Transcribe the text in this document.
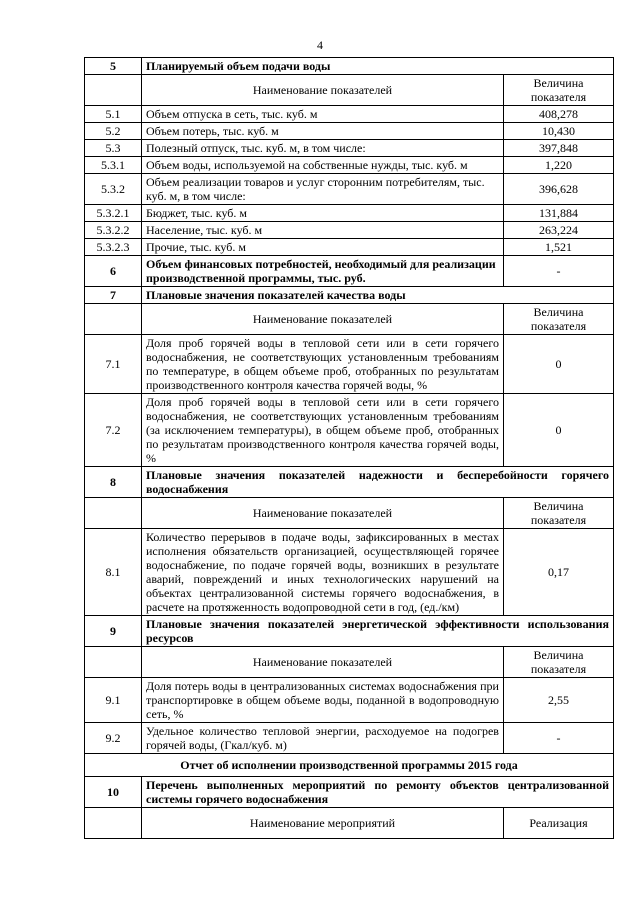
4
5	Планируемый объем подачи воды	
	Наименование показателей	Величина показателя
5.1	Объем отпуска в сеть, тыс. куб. м	408,278
5.2	Объем потерь, тыс. куб. м	10,430
5.3	Полезный отпуск, тыс. куб. м, в том числе:	397,848
5.3.1	Объем воды, используемой на собственные нужды, тыс. куб. м	1,220
5.3.2	Объем реализации товаров и услуг сторонним потребителям, тыс. куб. м, в том числе:	396,628
5.3.2.1	Бюджет, тыс. куб. м	131,884
5.3.2.2	Население, тыс. куб. м	263,224
5.3.2.3	Прочие, тыс. куб. м	1,521
6	Объем финансовых потребностей, необходимый для реализации производственной программы, тыс. руб.	-
7	Плановые значения показателей качества воды	
	Наименование показателей	Величина показателя
7.1	Доля проб горячей воды в тепловой сети или в сети горячего водоснабжения, не соответствующих установленным требованиям по температуре, в общем объеме проб, отобранных по результатам производственного контроля качества горячей воды, %	0
7.2	Доля проб горячей воды в тепловой сети или в сети горячего водоснабжения, не соответствующих установленным требованиям (за исключением температуры), в общем объеме проб, отобранных по результатам производственного контроля качества горячей воды, %	0
8	Плановые значения показателей надежности и бесперебойности горячего водоснабжения	
	Наименование показателей	Величина показателя
8.1	Количество перерывов в подаче воды, зафиксированных в местах исполнения обязательств организацией, осуществляющей горячее водоснабжение, по подаче горячей воды, возникших в результате аварий, повреждений и иных технологических нарушений на объектах централизованной системы горячего водоснабжения, в расчете на протяженность водопроводной сети в год, (ед./км)	0,17
9	Плановые значения показателей энергетической эффективности использования ресурсов	
	Наименование показателей	Величина показателя
9.1	Доля потерь воды в централизованных системах водоснабжения при транспортировке в общем объеме воды, поданной в водопроводную сеть, %	2,55
9.2	Удельное количество тепловой энергии, расходуемое на подогрев горячей воды, (Гкал/куб. м)	-
Отчет об исполнении производственной программы 2015 года		
10	Перечень выполненных мероприятий по ремонту объектов централизованной системы горячего водоснабжения	
	Наименование мероприятий	Реализация
